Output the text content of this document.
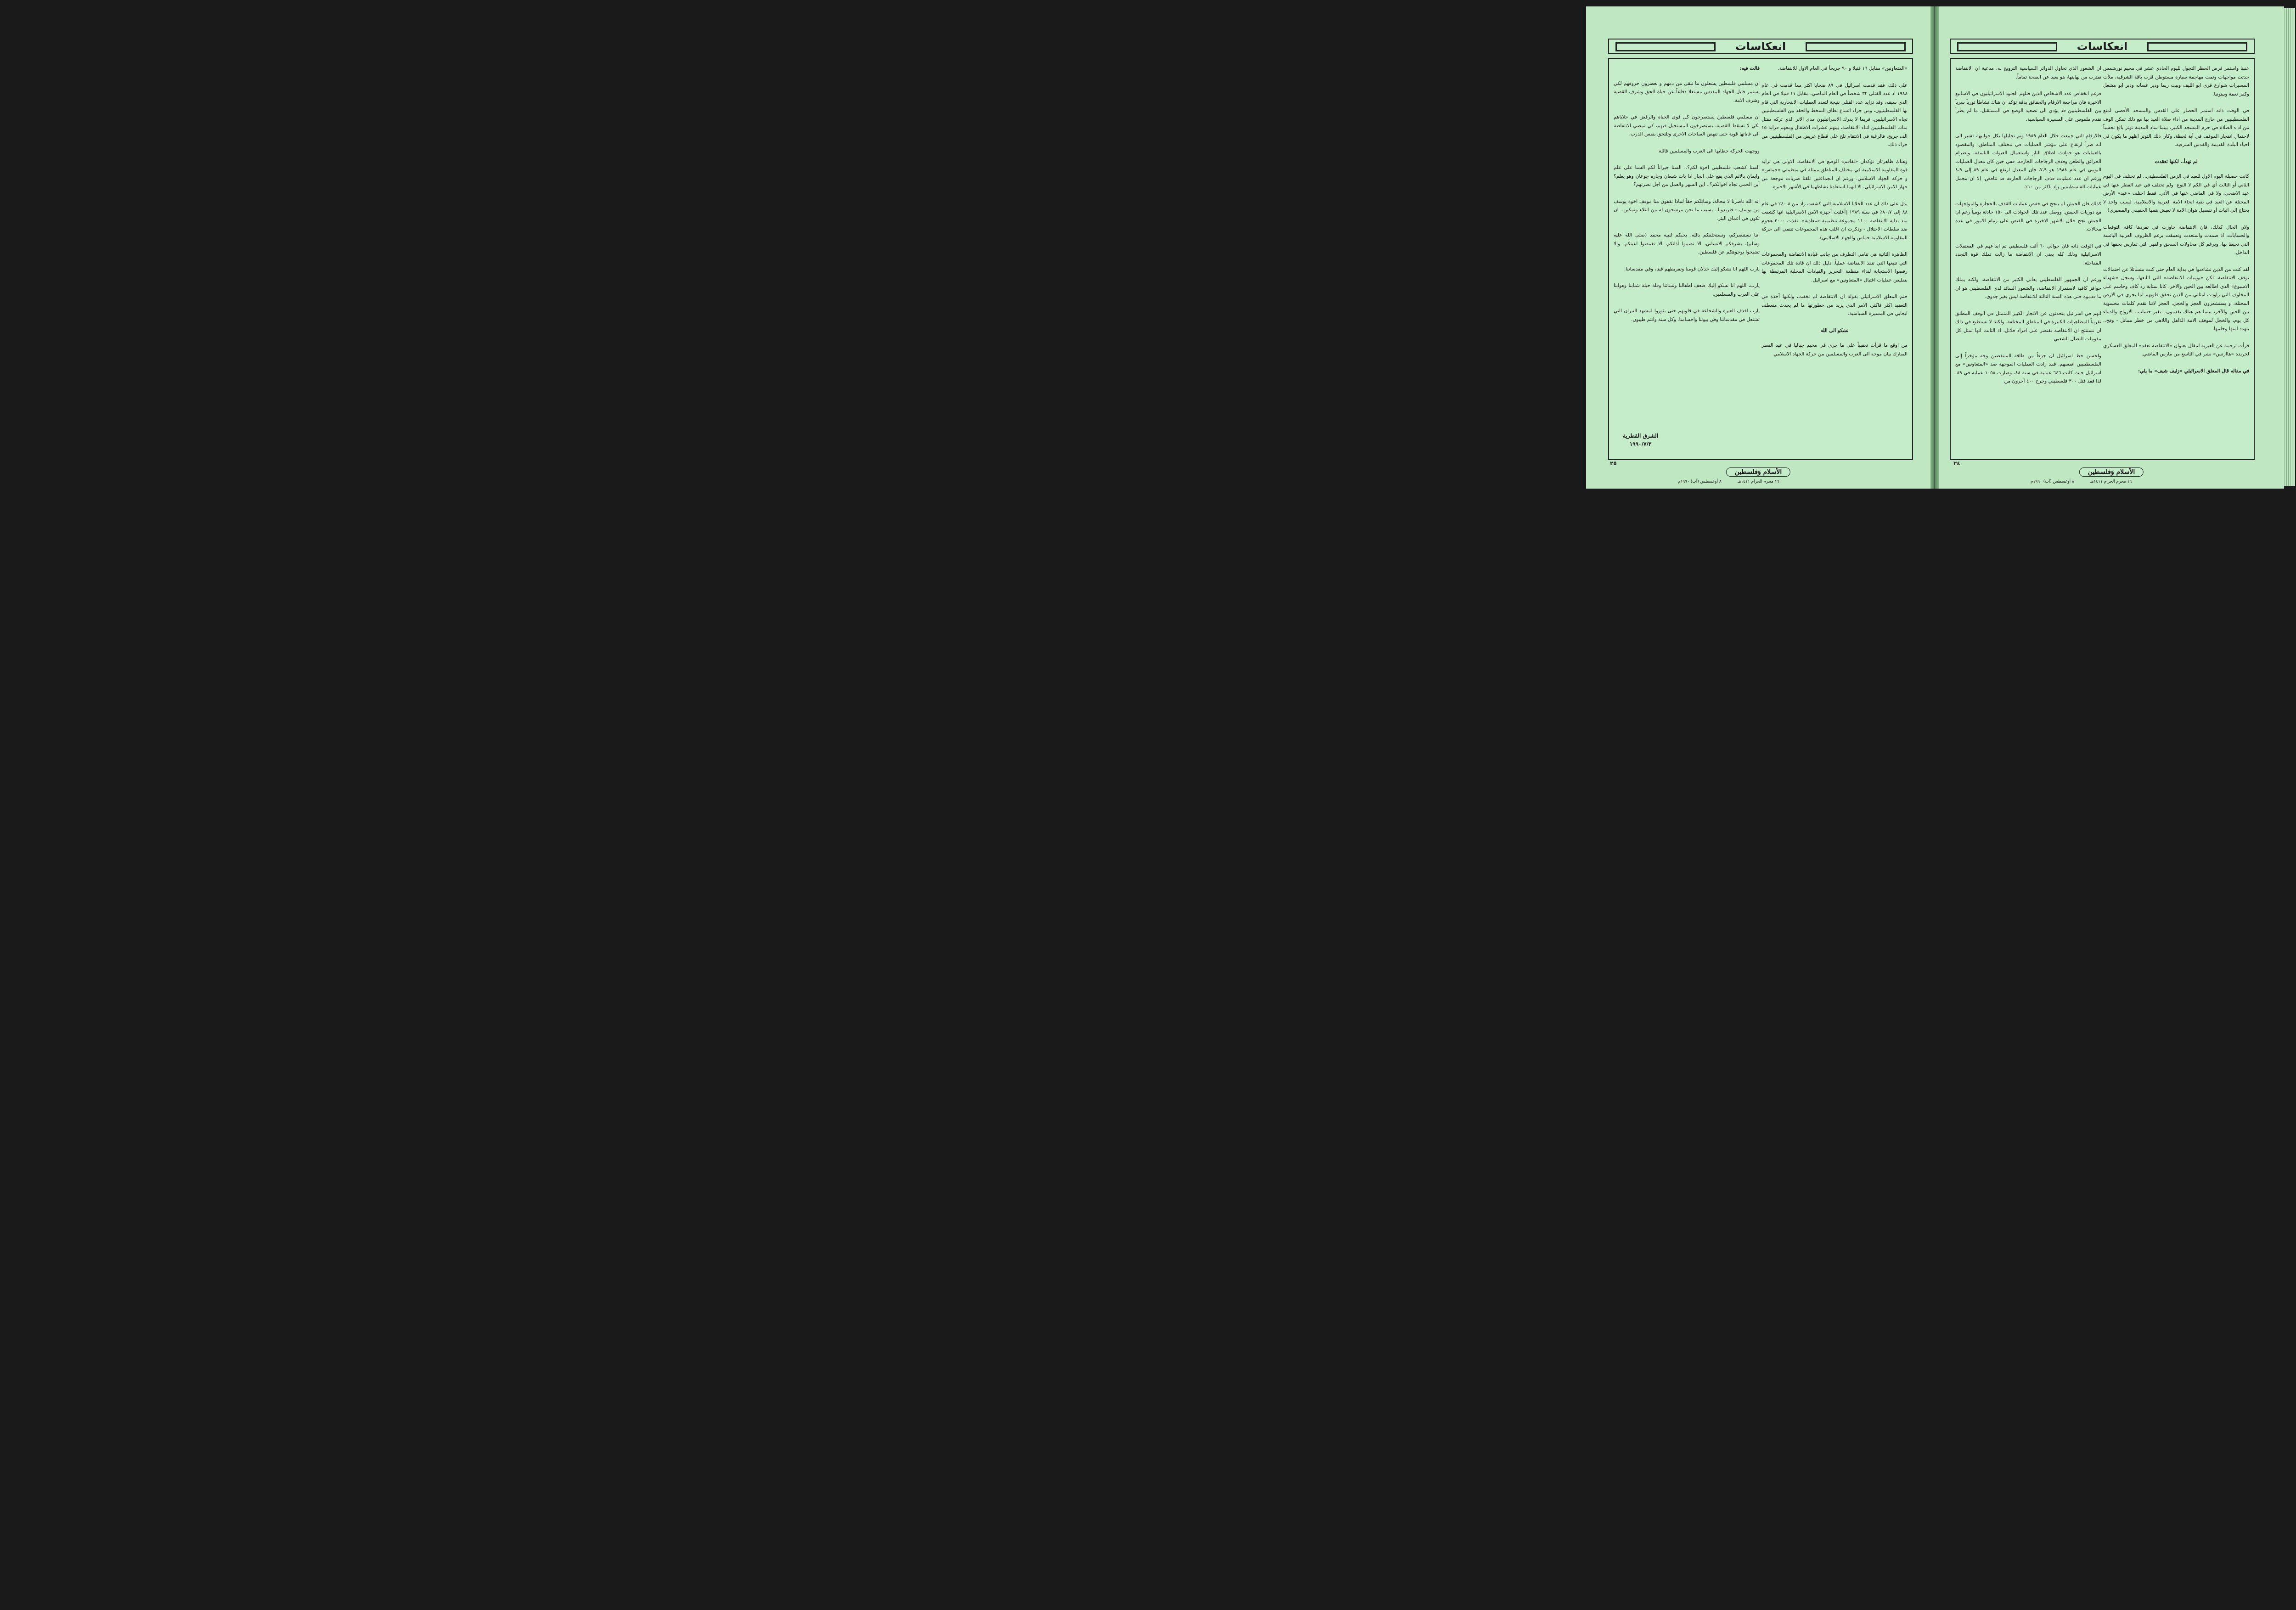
انعكاسات

«المتعاونين» مقابل ١٦ قتيلا و ٩٠ جريحاً في العام الاول للانتفاضة.

على ذلك، فقد قدمت اسرائيل في ٨٩ ضحايا اكثر مما قدمت في عام ١٩٨٨ اذ عدد القتلى ٣٢ شخصاً في العام الماضي، مقابل ١١ قتيلا في العام الذي سبقه، وقد تزايد عدد القتلى نتيجة لتعدد العمليات الانتحارية التي قام بها الفلسطينيون، ومن جراء اتساع نطاق السخط والحقد بين الفلسطينيين تجاه الاسرائيليين. فربما لا يدرك الاسرائيليون مدى الاثر الذي تركه مقتل مئات الفلسطينيين اثناء الانتفاضة، بينهم عشرات الاطفال ومعهم قرابة ١٥ الف جريح. فالرغبة في الانتقام تلح على قطاع عريض من الفلسطينيين من جراء ذلك.

وهناك ظاهرتان تؤكدان «تفاقم» الوضع في الانتفاضة. الاولى هي تزايد قوة المقاومة الاسلامية في مختلف المناطق ممثلة في منظمتي «حماس» و حركة الجهاد الاسلامي. ورغم ان الجماعتين تلقتا ضربات موجعة من جهاز الامن الاسرائيلي، الا انهما استعادتا نشاطهما في الأشهر الاخيرة.

يدل على ذلك ان عدد الخلايا الاسلامية التي كشفت زاد من ٤٠،٨٪ في عام ٨٨ إلى ٨٠،٧٪ في سنة ١٩٨٩ [أعلنت أجهزة الامن الاسرائيلية انها كشفت منذ بداية الانتفاضة ١١٠٠ مجموعة تنظيمية «معادية». نفذت ٣٠٠٠ هجوم ضد سلطات الاحتلال - وذكرت ان اغلب هذه المجموعات تنتمي الى حركة المقاومة الاسلامية حماس والجهاد الاسلامي).

الظاهرة الثانية هي تنامي التطرف من جانب قيادة الانتفاضة والمجموعات التي تتبعها التي تنفذ الانتفاضة عملياً. دليل ذلك ان قادة تلك المجموعات رفضوا الاستجابة لنداء منظمة التحرير والقيادات المحلية المرتبطة بها بتقليص عمليات اغتيال «المتعاونين» مع اسرائيل.

ختم المعلق الاسرائيلي بقوله ان الانتفاضة لم تخفت، ولكنها آخذة في التعقيد اكثر فاكثر، الامر الذي يزيد من خطورتها ما لم يحدث منعطف ايجابي في المسيرة السياسية.

نشكو الى الله

من اوقع ما قرأت تعقيباً على ما جرى في مخيم جباليا في عيد الفطر المبارك بيان موجه الى العرب والمسلمين من حركة الجهاد الاسلامي

قالت فيه:

ان مسلمي فلسطين يشعلون ما تبقى من دمهم و بعصرون حروقهم لكي يستمر فتيل الجهاد المقدس مشتعلا دفاعاً عن حياة الحق وشرف القضية وشرف الامة.

ان مسلمي فلسطين يستصرخون كل قوى الحياة والرفض في خلاياهم لكي لا تسقط القضية، يستصرخون المستحيل فيهم، كي تمضي الانتفاضة الى غاياتها قوية حتى تنهض الساحات الاخرى وتلتحق بنفس الدرب.

ووجهت الحركة خطابها الى العرب والمسلمين قائلة:

السنا كشعب فلسطيني اخوة لكم؟.. السنا جيراناً لكم السنا على علم وايمان بالاثم الذي يقع على الجار اذا بات شبعان وجاره جوعان وهو يعلم؟ أين الحمي تجاه اخوانكم؟.. اين السهر والعمل من اجل نصرتهم؟

انه الله ناصرنا لا محالة، وسائلكم حقاً لماذا تقفون منا موقف اخوة يوسف من يوسف - فتريدونا.. بسبب ما نحن مرشحون له من ابتلاء وتمكين.. ان تكون في أعماق البئر.

اننا نستنصركم، ونستحلفكم بالله، بحبكم لنبيه محمد (صلى الله عليه وسلم)، بشرفكم الانساني، الا تصموا آذانكم، الا تغمضوا اعينكم، والا تشيحوا بوجوهكم عن فلسطين.

يارب اللهم انا نشكو إليك خذلان قومنا وتفريطهم فينا، وفي مقدساتنا.

يارب، اللهم انا نشكو إليك ضعف اطفالنا ونسائنا وقلة حيلة شبابنا وهواننا على العرب والمسلمين.

يارب اقذف الغيرة والشجاعة في قلوبهم حتى يثوروا لمشهد النيران التي تشتعل في مقدساتنا وفي بيوتنا واجسامنا. وكل سنة وانتم طيبون.

الشرق القطرية
١٩٩٠/٧/٣
٢٥
الأسلام وَفلسطين
١٦ محرم الحرام ١٤١١هـ
٨ أوغسطس (آب) ١٩٩٠م
انعكاسات

عنبتا واستمر فرض الحظر التجول لليوم الحادي عشر في مخيم نورشمس حدثت مواجهات وتمت مهاجمة سيارة مستوطن قرب باقة الشرقية، ملأت المسيرات شوارع قرى ابو الليف وبيت ريما ودير غسانه ودير ابو مشعل وكفر نعمة وبيتونيا.

في الوقت ذاته استمر الحصار على القدس والمسجد الأقصى لمنع الفلسطينيين من خارج المدينة من اداء صلاة العيد بها مع ذلك تمكن الوف من اداء الصلاة في حرم المسجد الكبير، بينما ساد المدينة توتر بالغ تحسباً لاحتمال انفجار الموقف في أية لحظة، وكان ذلك التوتر اظهر ما يكون في احياء البلدة القديمة والقدس الشرقية.

لم نهدأ.. لكنها تعقدت

كانت حصيلة اليوم الاول للعيد في الزمن الفلسطيني.. لم تختلف في اليوم الثاني أو الثالث أي في الكم لا النوع. ولم تختلف في عيد الفطر عنها في عيد الاضحى، ولا في الماضي عنها في الآتي. فقط اختلف «عيد» الأرض المحتلة عن العيد في بقية انحاء الامة العربية والاسلامية. لسبب واحد لا يحتاج إلى اثبات أو تفصيل هوان الامة لا تعيش همها الحقيقي والمصيري!

ولان الحال كذلك، فان الانتفاضة جاوزت في تفردها كافة التوقعات والحسابات، اذ صمدت واستعدت وتعمقت برغم الظروف العربية البائسة التي تحيط بها، وبرغم كل محاولات السحق والقهر التي تمارس بحقها في الداخل.

لقد كنت من الذين تشاءموا في بداية العام حتى كنت متسائلا عن احتمالات توقف الانتفاضة. لكن «يوميات الانتفاضة» التي اتابعها، وسجل «شهداء الاسبوع» الذي اطالعه بين الحين والآخر، كانا بمثابة رد كاف وحاسم على المخاوف التي راودت امثالي من الذين تخفق قلوبهم لما يجري في الارض المحتلة، و يستشعرون العجز والخجل. العجز لاننا نقدم كلمات محسوبة بين الحين والآخر، بينما هم هناك يقدمون.. بغير حساب.. الارواح والدماء كل يوم، والخجل لموقف الامة الذاهل واللاهي من خطر مماثل - وفج.. يتهدد امنها وحلمها.

قرأت ترجمة عن العبرية لمقال بعنوان «الانتفاضة تعقد» للمعلق العسكري لجريدة «هاآرتس» نشر في التاسع من مارس الماضي.

في مقاله قال المعلق الاسرائيلي «زئيف شيف» ما يلي:

ان الشعور الذي تحاول الدوائر السياسية الترويج له، مدعية ان الانتفاضة تقترب من نهايتها، هو بعيد عن الصحة تماماً.

فرغم انخفاض عدد الاشخاص الذين قتلهم الجنود الاسرائيليون في الاسابيع الاخيرة فان مراجعة الارقام والحقائق بدقة تؤكد ان هناك نشاطاً ثورياً سرياً بين الفلسطينيين قد يؤدي الى تصعيد الوضع في المستقبل، ما لم يطرأ تقدم ملموس على المسيرة السياسية.

فالارقام التي جمعت خلال العام ١٩٨٩ وتم تحليلها بكل جوانبها، تشير الى انه طرأ ارتفاع على مؤشر العمليات في مختلف المناطق. والمقصود بالعمليات هو حوادث اطلاق النار واستعمال العبوات الناسفة، واضرام الحرائق والطعن وقذف الزجاجات الحارقة. ففي حين كان معدل العمليات اليومي في عام ١٩٨٨ هو ٧،٩، فان المعدل ارتفع في عام ٨٩ إلى ٨،٩ ورغم ان عدد عمليات قذف الزجاجات الحارقة قد تناقص، إلا ان مجمل عمليات الفلسطينيين زاد باكثر من ١٠٪.

كذلك فان الجيش لم ينجح في خفض عمليات القذف بالحجارة والمواجهات مع دوريات الجيش. ووصل عدد تلك الحوادث الى ١٥٠ حادثة يومياً رغم ان الجيش نجح خلال الاشهر الاخيرة في القبض على زمام الامور في عدة مجالات.

في الوقت ذاته فان حوالي ٦٠ ألف فلسطيني تم ايداعهم في المعتقلات الاسرائيلية وذلك كله يعني ان الانتفاضة ما زالت تملك قوة التجدد المفاجئة.

ورغم ان الجمهور الفلسطيني يعاني الكثير من الانتفاضة، ولكنه يملك حوافز كافية لاستمرار الانتفاضة، والشعور السائد لدى الفلسطيني هو ان ما قدموه حتى هذه السنة الثالثة للانتفاضة ليس بغير جدوى.

انهم في اسرائيل يتحدثون عن الانجاز الكبير المتمثل في الوقف المطلق تقريباً للمظاهرات الكبيرة في المناطق المختلفة. ولكننا لا نستطيع في ذلك ان نستنتج ان الانتفاضة تقتصر على افراد قلائل، اذ الثابت انها تمثل كل مقومات النضال الشعبي.

ولحسن حظ اسرائيل ان جزءاً من طاقة المنتفضين وجه مؤخراً إلى الفلسطينيين انفسهم. فقد زادت العمليات الموجهة ضد «المتعاونين» مع اسرائيل حيث كانت ٦٤٦ عملية في سنة ٨٨، وصارت ١٠٥٨ عملية في ٨٩. لذا فقد قتل ٣٠٠ فلسطيني وجرح ٤٠٠ آخرون من

٢٤
الأسلام وَفلسطين
١٦ محرم الحرام ١٤١١هـ
٨ أوغسطس (آب) ١٩٩٠م
